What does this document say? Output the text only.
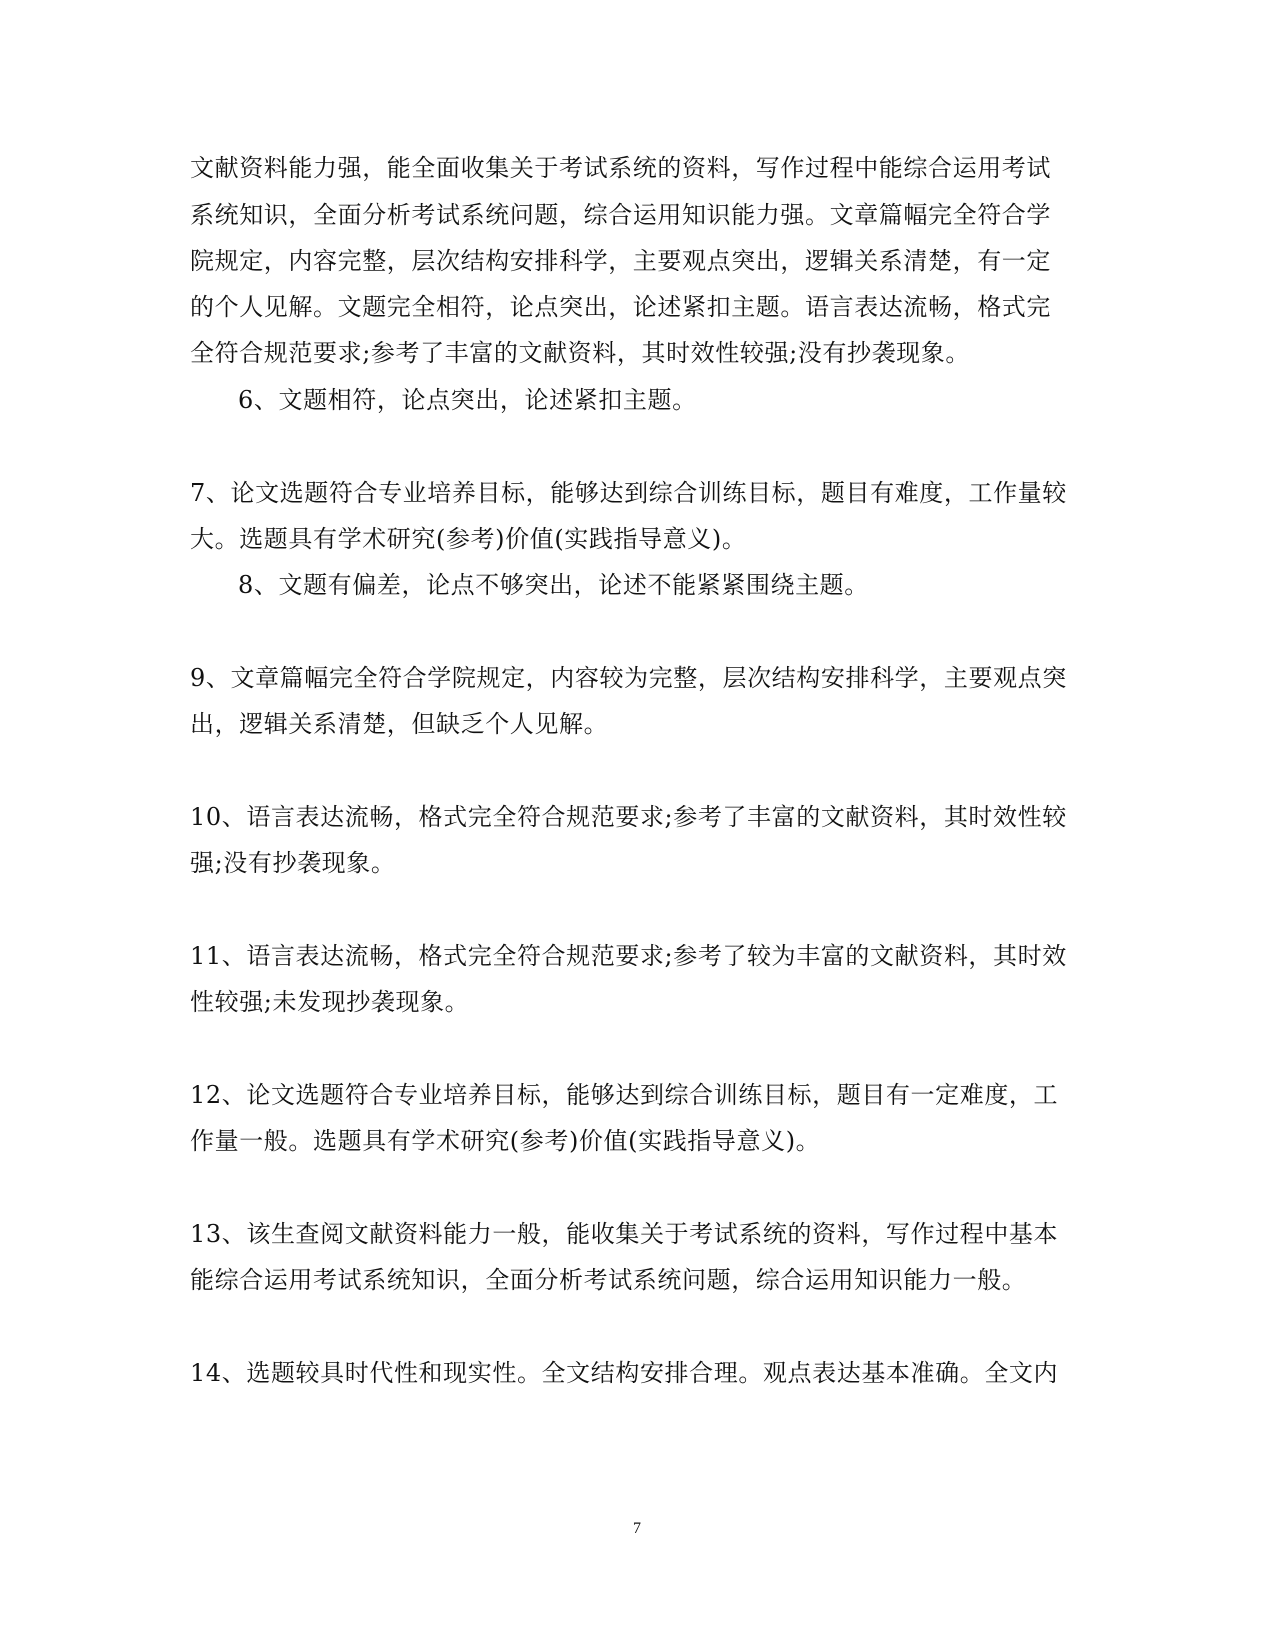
文献资料能力强，能全面收集关于考试系统的资料，写作过程中能综合运用考试
系统知识，全面分析考试系统问题，综合运用知识能力强。文章篇幅完全符合学
院规定，内容完整，层次结构安排科学，主要观点突出，逻辑关系清楚，有一定
的个人见解。文题完全相符，论点突出，论述紧扣主题。语言表达流畅，格式完
全符合规范要求;参考了丰富的文献资料，其时效性较强;没有抄袭现象。
6、文题相符，论点突出，论述紧扣主题。
7、论文选题符合专业培养目标，能够达到综合训练目标，题目有难度，工作量较
大。选题具有学术研究(参考)价值(实践指导意义)。
8、文题有偏差，论点不够突出，论述不能紧紧围绕主题。
9、文章篇幅完全符合学院规定，内容较为完整，层次结构安排科学，主要观点突
出，逻辑关系清楚，但缺乏个人见解。
10、语言表达流畅，格式完全符合规范要求;参考了丰富的文献资料，其时效性较
强;没有抄袭现象。
11、语言表达流畅，格式完全符合规范要求;参考了较为丰富的文献资料，其时效
性较强;未发现抄袭现象。
12、论文选题符合专业培养目标，能够达到综合训练目标，题目有一定难度，工
作量一般。选题具有学术研究(参考)价值(实践指导意义)。
13、该生查阅文献资料能力一般，能收集关于考试系统的资料，写作过程中基本
能综合运用考试系统知识，全面分析考试系统问题，综合运用知识能力一般。
14、选题较具时代性和现实性。全文结构安排合理。观点表达基本准确。全文内
7
